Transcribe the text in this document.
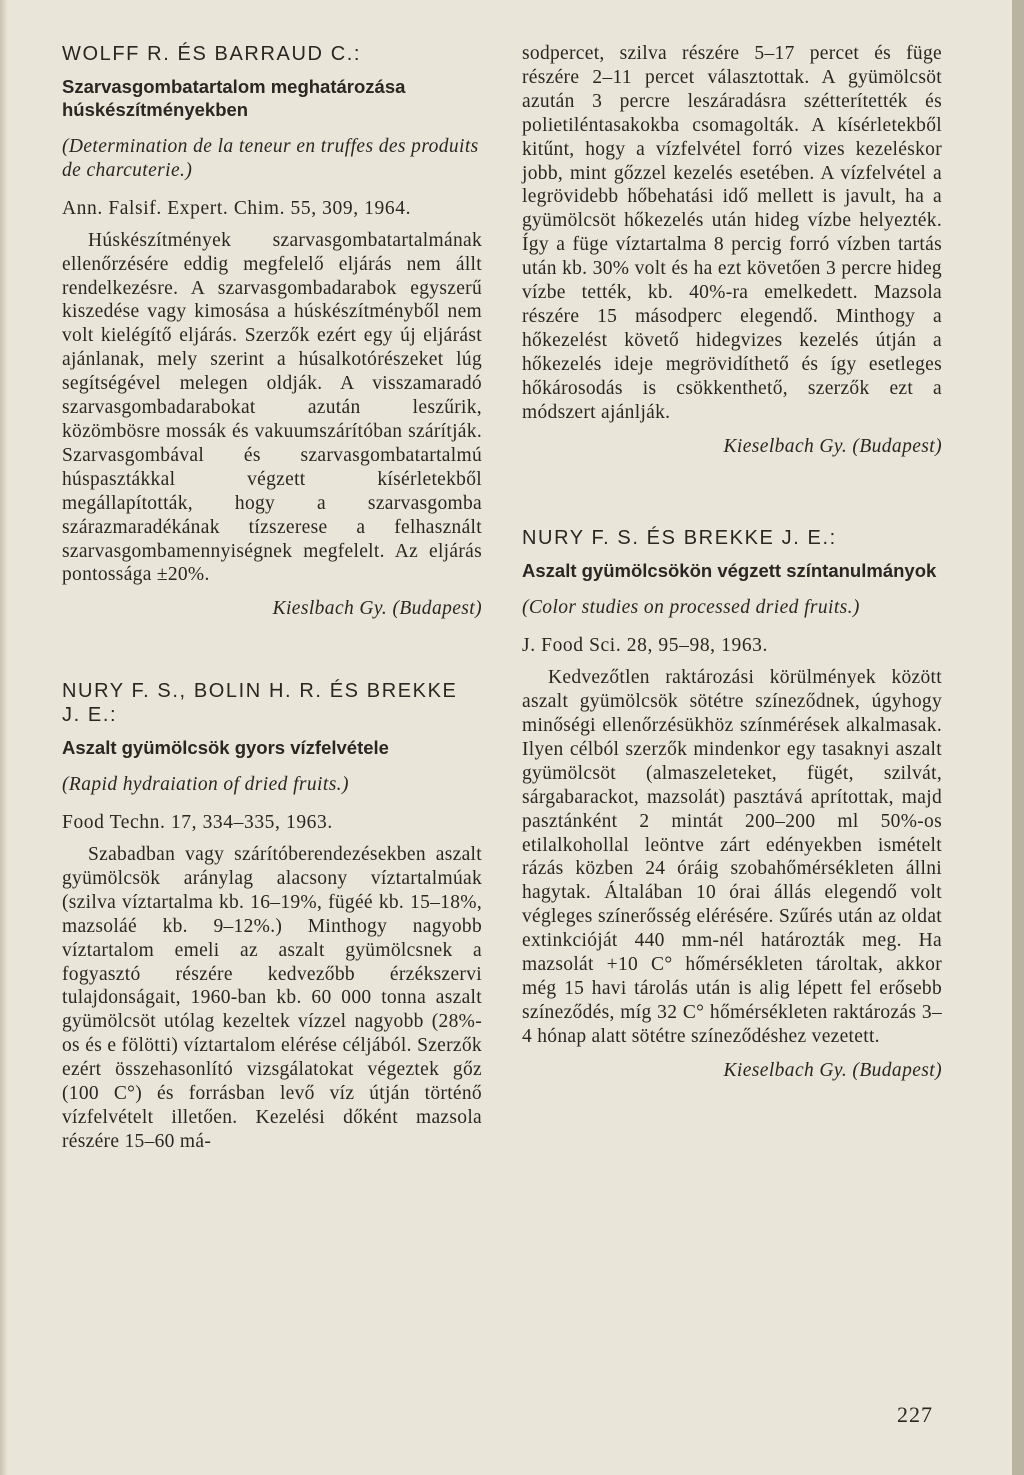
WOLFF R. ÉS BARRAUD C.:

Szarvasgombatartalom meghatározása húskészítményekben

(Determination de la teneur en truffes des produits de charcuterie.)

Ann. Falsif. Expert. Chim. 55, 309, 1964.

Húskészítmények szarvasgombatartalmának ellenőrzésére eddig megfelelő eljárás nem állt rendelkezésre. A szarvasgombadarabok egyszerű kiszedése vagy kimosása a húskészítményből nem volt kielégítő eljárás. Szerzők ezért egy új eljárást ajánlanak, mely szerint a húsalkotórészeket lúg segítségével melegen oldják. A visszamaradó szarvasgombadarabokat azután leszűrik, közömbösre mossák és vakuumszárítóban szárítják. Szarvasgombával és szarvasgombatartalmú húspasztákkal végzett kísérletekből megállapították, hogy a szarvasgomba szárazmaradékának tízszerese a felhasznált szarvasgombamennyiségnek megfelelt. Az eljárás pontossága ±20%.

Kieslbach Gy. (Budapest)

NURY F. S., BOLIN H. R. ÉS BREKKE J. E.:

Aszalt gyümölcsök gyors vízfelvétele

(Rapid hydraiation of dried fruits.)

Food Techn. 17, 334–335, 1963.

Szabadban vagy szárítóberendezésekben aszalt gyümölcsök aránylag alacsony víztartalmúak (szilva víztartalma kb. 16–19%, fügéé kb. 15–18%, mazsoláé kb. 9–12%.) Minthogy nagyobb víztartalom emeli az aszalt gyümölcsnek a fogyasztó részére kedvezőbb érzékszervi tulajdonságait, 1960-ban kb. 60 000 tonna aszalt gyümölcsöt utólag kezeltek vízzel nagyobb (28%-os és e fölötti) víztartalom elérése céljából. Szerzők ezért összehasonlító vizsgálatokat végeztek gőz (100 C°) és forrásban levő víz útján történő vízfelvételt illetően. Kezelési dőként mazsola részére 15–60 má-

sodpercet, szilva részére 5–17 percet és füge részére 2–11 percet választottak. A gyümölcsöt azután 3 percre leszáradásra szétterítették és polietiléntasakokba csomagolták. A kísérletekből kitűnt, hogy a vízfelvétel forró vizes kezeléskor jobb, mint gőzzel kezelés esetében. A vízfelvétel a legrövidebb hőbehatási idő mellett is javult, ha a gyümölcsöt hőkezelés után hideg vízbe helyezték. Így a füge víztartalma 8 percig forró vízben tartás után kb. 30% volt és ha ezt követően 3 percre hideg vízbe tették, kb. 40%-ra emelkedett. Mazsola részére 15 másodperc elegendő. Minthogy a hőkezelést követő hidegvizes kezelés útján a hőkezelés ideje megrövidíthető és így esetleges hőkárosodás is csökkenthető, szerzők ezt a módszert ajánlják.

Kieselbach Gy. (Budapest)

NURY F. S. ÉS BREKKE J. E.:

Aszalt gyümölcsökön végzett színtanulmányok

(Color studies on processed dried fruits.)

J. Food Sci. 28, 95–98, 1963.

Kedvezőtlen raktározási körülmények között aszalt gyümölcsök sötétre színeződnek, úgyhogy minőségi ellenőrzésükhöz színmérések alkalmasak. Ilyen célból szerzők mindenkor egy tasaknyi aszalt gyümölcsöt (almaszeleteket, fügét, szilvát, sárgabarackot, mazsolát) pasztává aprítottak, majd pasztánként 2 mintát 200–200 ml 50%-os etilalkohollal leöntve zárt edényekben ismételt rázás közben 24 óráig szobahőmérsékleten állni hagytak. Általában 10 órai állás elegendő volt végleges színerősség elérésére. Szűrés után az oldat extinkcióját 440 mm-nél határozták meg. Ha mazsolát +10 C° hőmérsékleten tároltak, akkor még 15 havi tárolás után is alig lépett fel erősebb színeződés, míg 32 C° hőmérsékleten raktározás 3–4 hónap alatt sötétre színeződéshez vezetett.

Kieselbach Gy. (Budapest)

227
